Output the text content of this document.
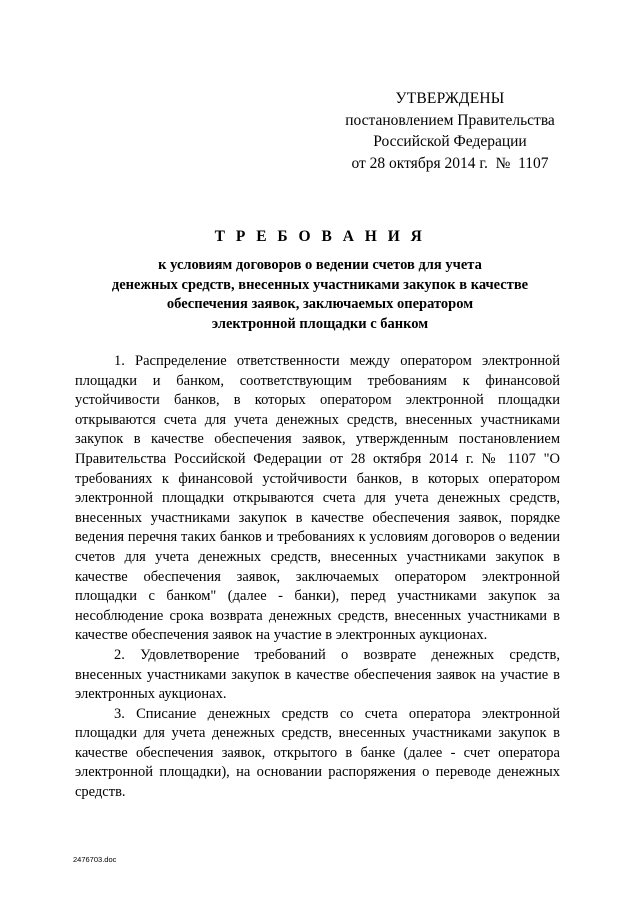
УТВЕРЖДЕНЫ
постановлением Правительства
Российской Федерации
от 28 октября 2014 г.  №  1107
Т Р Е Б О В А Н И Я
к условиям договоров о ведении счетов для учета
денежных средств, внесенных участниками закупок в качестве
обеспечения заявок, заключаемых оператором
электронной площадки с банком

1. Распределение ответственности между оператором электронной площадки и банком, соответствующим требованиям к финансовой устойчивости банков, в которых оператором электронной площадки открываются счета для учета денежных средств, внесенных участниками закупок в качестве обеспечения заявок, утвержденным постановлением Правительства Российской Федерации от 28 октября 2014 г. № 1107 "О требованиях к финансовой устойчивости банков, в которых оператором электронной площадки открываются счета для учета денежных средств, внесенных участниками закупок в качестве обеспечения заявок, порядке ведения перечня таких банков и требованиях к условиям договоров о ведении счетов для учета денежных средств, внесенных участниками закупок в качестве обеспечения заявок, заключаемых оператором электронной площадки с банком" (далее - банки), перед участниками закупок за несоблюдение срока возврата денежных средств, внесенных участниками в качестве обеспечения заявок на участие в электронных аукционах.

2. Удовлетворение требований о возврате денежных средств, внесенных участниками закупок в качестве обеспечения заявок на участие в электронных аукционах.

3. Списание денежных средств со счета оператора электронной площадки для учета денежных средств, внесенных участниками закупок в качестве обеспечения заявок, открытого в банке (далее - счет оператора электронной площадки), на основании распоряжения о переводе денежных средств.

2476703.doc
